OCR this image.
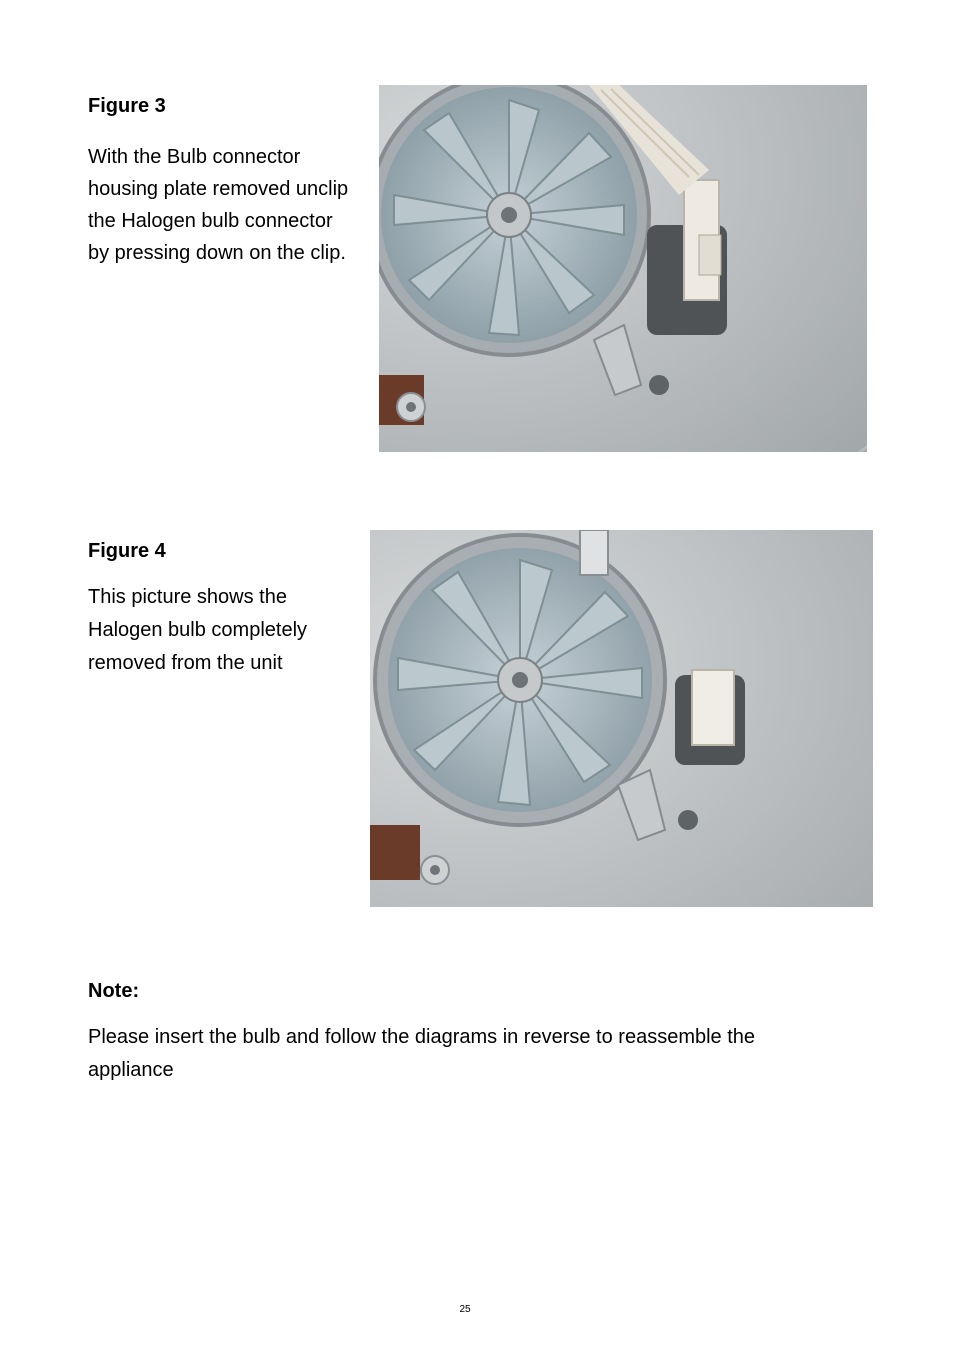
Figure 3
With the Bulb connector
housing plate removed unclip
the Halogen bulb connector
by pressing down on the clip.
Figure 4
This picture shows the
Halogen bulb completely
removed from the unit
Note:
Please insert the bulb and follow the diagrams in reverse to reassemble the
appliance
25
